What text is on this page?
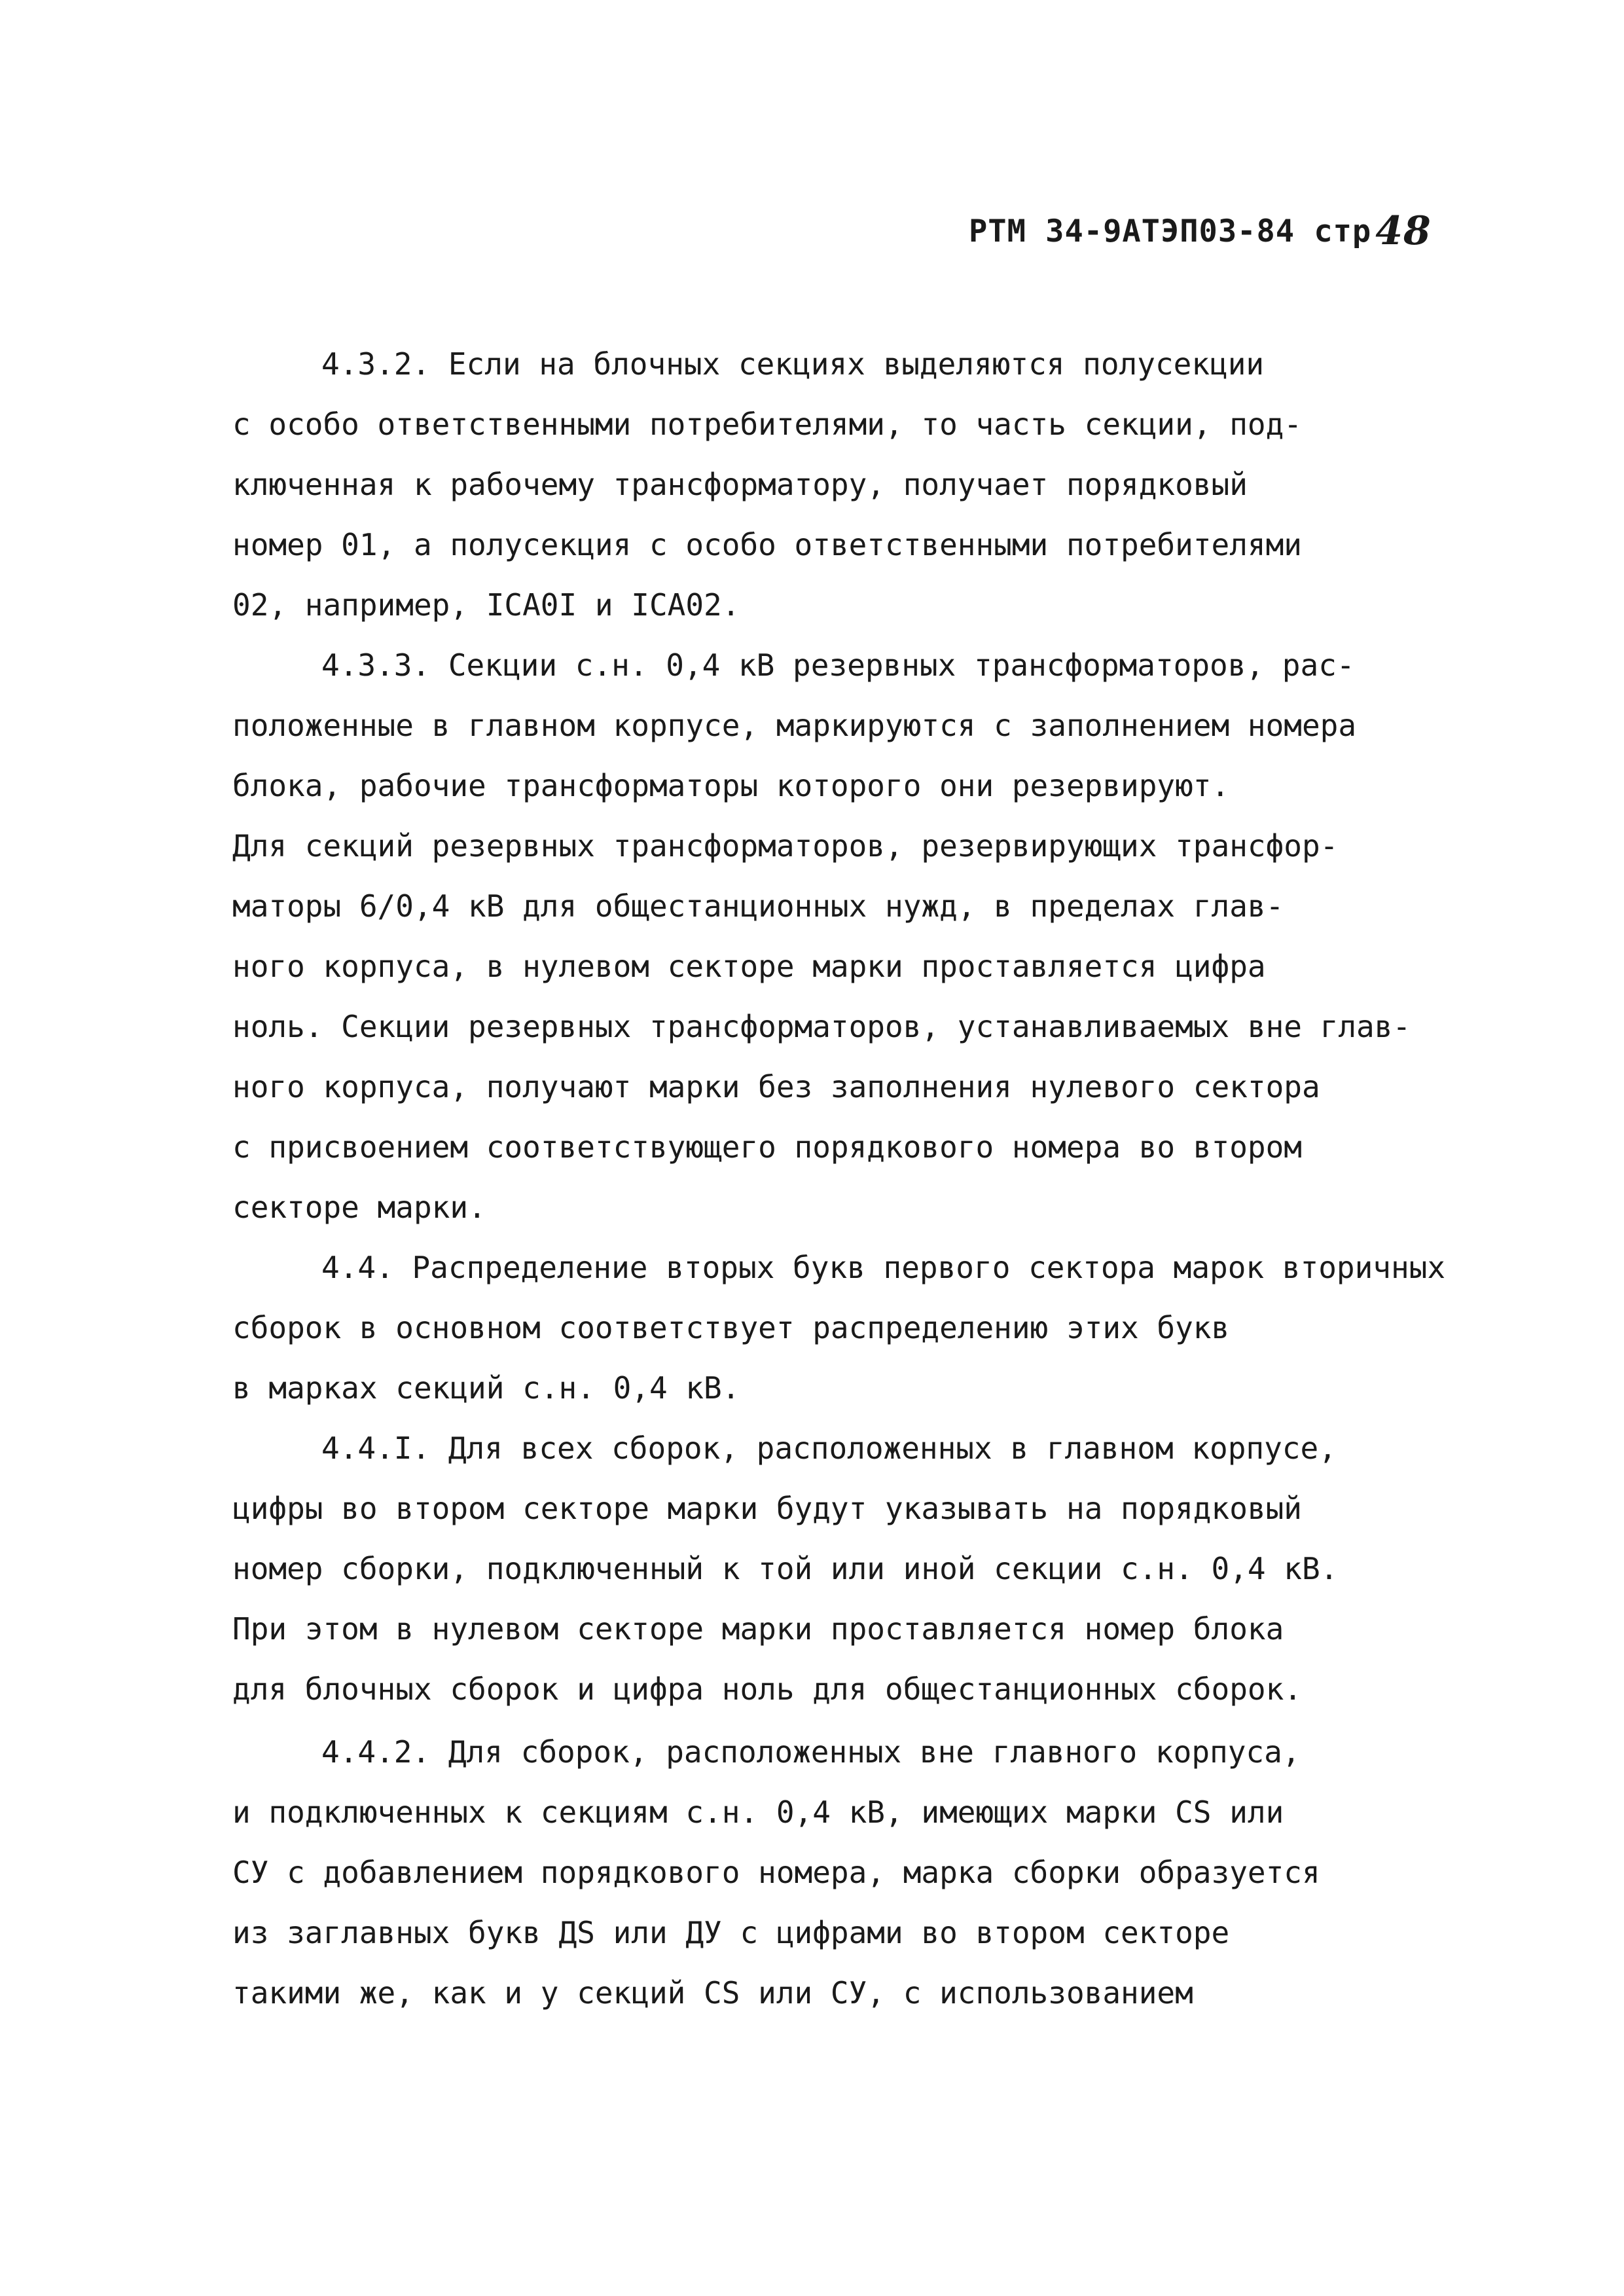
РТМ 34-9АТЭП03-84 стр 48
4.3.2. Если на блочных секциях выделяются полусекции
с особо ответственными потребителями, то часть секции, под-
ключенная к рабочему трансформатору, получает порядковый
номер 01, а полусекция с особо ответственными потребителями
02, например, ICA0I и ICA02.
4.3.3. Секции с.н. 0,4 кВ резервных трансформаторов, рас-
положенные в главном корпусе, маркируются с заполнением номера
блока, рабочие трансформаторы которого они резервируют.
Для секций резервных трансформаторов, резервирующих трансфор-
маторы 6/0,4 кВ для общестанционных нужд, в пределах глав-
ного корпуса, в нулевом секторе марки проставляется цифра
ноль. Секции резервных трансформаторов, устанавливаемых вне глав-
ного корпуса, получают марки без заполнения нулевого сектора
с присвоением соответствующего порядкового номера во втором
секторе марки.
4.4. Распределение вторых букв первого сектора марок вторичных
сборок в основном соответствует распределению этих букв
в марках секций с.н. 0,4 кВ.
4.4.I. Для всех сборок, расположенных в главном корпусе,
цифры во втором секторе марки будут указывать на порядковый
номер сборки, подключенный к той или иной секции с.н. 0,4 кВ.
При этом в нулевом секторе марки проставляется номер блока
для блочных сборок и цифра ноль для общестанционных сборок.
4.4.2. Для сборок, расположенных вне главного корпуса,
и подключенных к секциям с.н. 0,4 кВ, имеющих марки CS или
СУ с добавлением порядкового номера, марка сборки образуется
из заглавных букв ДS или ДУ с цифрами во втором секторе
такими же, как и у секций CS или СУ, с использованием
